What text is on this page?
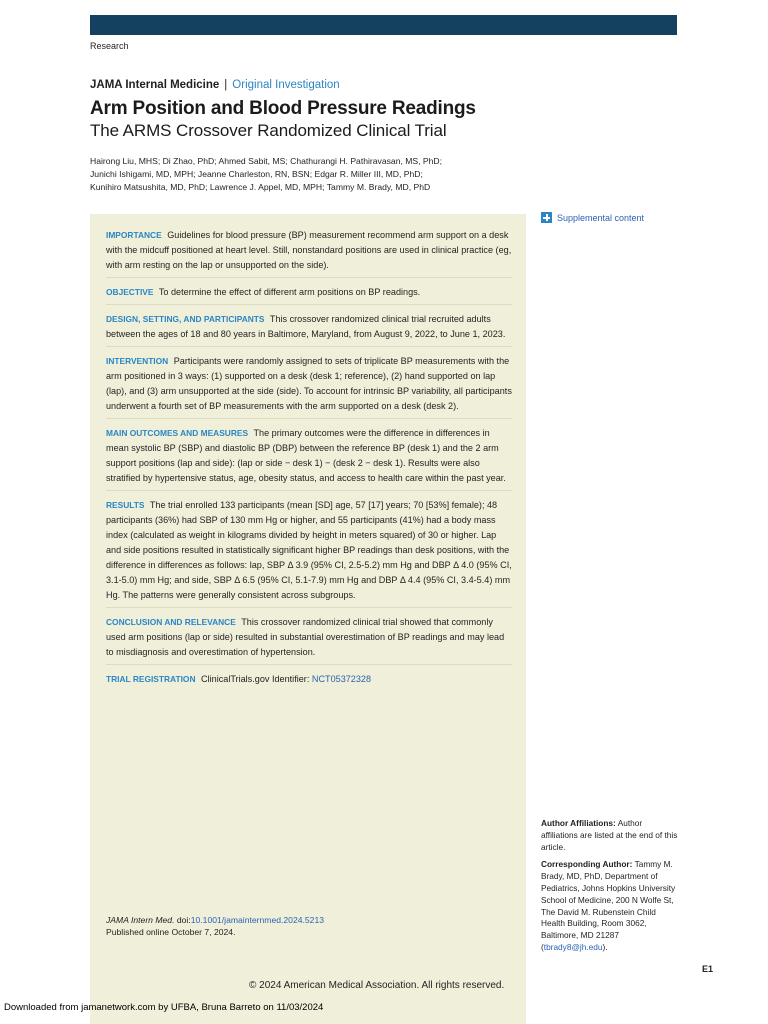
Research
JAMA Internal Medicine | Original Investigation
Arm Position and Blood Pressure Readings
The ARMS Crossover Randomized Clinical Trial
Hairong Liu, MHS; Di Zhao, PhD; Ahmed Sabit, MS; Chathurangi H. Pathiravasan, MS, PhD;
Junichi Ishigami, MD, MPH; Jeanne Charleston, RN, BSN; Edgar R. Miller III, MD, PhD;
Kunihiro Matsushita, MD, PhD; Lawrence J. Appel, MD, MPH; Tammy M. Brady, MD, PhD
IMPORTANCE Guidelines for blood pressure (BP) measurement recommend arm support on a desk with the midcuff positioned at heart level. Still, nonstandard positions are used in clinical practice (eg, with arm resting on the lap or unsupported on the side).
OBJECTIVE To determine the effect of different arm positions on BP readings.
DESIGN, SETTING, AND PARTICIPANTS This crossover randomized clinical trial recruited adults between the ages of 18 and 80 years in Baltimore, Maryland, from August 9, 2022, to June 1, 2023.
INTERVENTION Participants were randomly assigned to sets of triplicate BP measurements with the arm positioned in 3 ways: (1) supported on a desk (desk 1; reference), (2) hand supported on lap (lap), and (3) arm unsupported at the side (side). To account for intrinsic BP variability, all participants underwent a fourth set of BP measurements with the arm supported on a desk (desk 2).
MAIN OUTCOMES AND MEASURES The primary outcomes were the difference in differences in mean systolic BP (SBP) and diastolic BP (DBP) between the reference BP (desk 1) and the 2 arm support positions (lap and side): (lap or side − desk 1) − (desk 2 − desk 1). Results were also stratified by hypertensive status, age, obesity status, and access to health care within the past year.
RESULTS The trial enrolled 133 participants (mean [SD] age, 57 [17] years; 70 [53%] female); 48 participants (36%) had SBP of 130 mm Hg or higher, and 55 participants (41%) had a body mass index (calculated as weight in kilograms divided by height in meters squared) of 30 or higher. Lap and side positions resulted in statistically significant higher BP readings than desk positions, with the difference in differences as follows: lap, SBP Δ 3.9 (95% CI, 2.5-5.2) mm Hg and DBP Δ 4.0 (95% CI, 3.1-5.0) mm Hg; and side, SBP Δ 6.5 (95% CI, 5.1-7.9) mm Hg and DBP Δ 4.4 (95% CI, 3.4-5.4) mm Hg. The patterns were generally consistent across subgroups.
CONCLUSION AND RELEVANCE This crossover randomized clinical trial showed that commonly used arm positions (lap or side) resulted in substantial overestimation of BP readings and may lead to misdiagnosis and overestimation of hypertension.
TRIAL REGISTRATION ClinicalTrials.gov Identifier: NCT05372328
JAMA Intern Med. doi:10.1001/jamainternmed.2024.5213
Published online October 7, 2024.
© 2024 American Medical Association. All rights reserved.
Downloaded from jamanetwork.com by UFBA, Bruna Barreto on 11/03/2024
Supplemental content

Author Affiliations: Author affiliations are listed at the end of this article.

Corresponding Author: Tammy M. Brady, MD, PhD, Department of Pediatrics, Johns Hopkins University School of Medicine, 200 N Wolfe St, The David M. Rubenstein Child Health Building, Room 3062, Baltimore, MD 21287 (tbrady8@jh.edu).

E1
